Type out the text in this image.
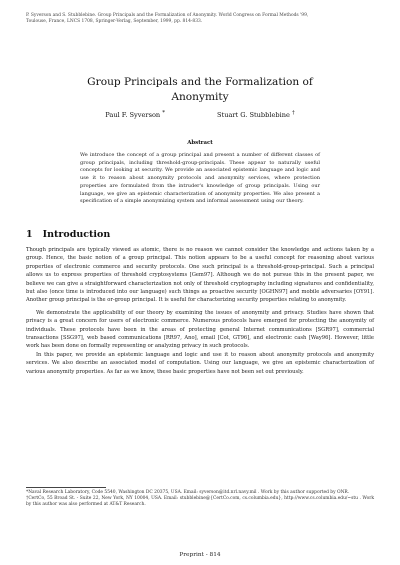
P. Syverson and S. Stubblebine. Group Principals and the Formalization of Anonymity. World Congress on Formal Methods '99, Toulouse, France, LNCS 1708, Springer-Verlag, September, 1999, pp. 814-833.
Group Principals and the Formalization of
Anonymity
Paul F. Syverson *	Stuart G. Stubblebine †
Abstract
We introduce the concept of a group principal and present a number of different classes of group principals, including threshold-group-principals. These appear to naturally useful concepts for looking at security. We provide an associated epistemic language and logic and use it to reason about anonymity protocols and anonymity services, where protection properties are formulated from the intruder's knowledge of group principals. Using our language, we give an epistemic characterization of anonymity properties. We also present a specification of a simple anonymizing system and informal assessment using our theory.
1 Introduction

Though principals are typically viewed as atomic, there is no reason we cannot consider the knowledge and actions taken by a group. Hence, the basic notion of a group principal. This notion appears to be a useful concept for reasoning about various properties of electronic commerce and security protocols. One such principal is a threshold-group-principal. Such a principal allows us to express properties of threshold cryptosystems [Gem97]. Although we do not pursue this in the present paper, we believe we can give a straightforward characterization not only of threshold cryptography including signatures and confidentiality, but also (once time is introduced into our language) such things as proactive security [OGHN97] and mobile adversaries [OY91]. Another group principal is the or-group principal. It is useful for characterizing security properties relating to anonymity.

We demonstrate the applicability of our theory by examining the issues of anonymity and privacy. Studies have shown that privacy is a great concern for users of electronic commerce. Numerous protocols have emerged for protecting the anonymity of individuals. These protocols have been in the areas of protecting general Internet communications [SGR97], commercial transactions [SSG97], web based communications [RR97, Ano], email [Cot, GT96], and electronic cash [Way96]. However, little work has been done on formally representing or analyzing privacy in such protocols.

In this paper, we provide an epistemic language and logic and use it to reason about anonymity protocols and anonymity services. We also describe an associated model of computation. Using our language, we give an epistemic characterization of various anonymity properties. As far as we know, these basic properties have not been set out previously.

*Naval Research Laboratory, Code 5540, Washington DC 20375, USA. Email: syverson@itd.nrl.navy.mil . Work by this author supported by ONR.

†CertCo, 55 Broad St. - Suite 22, New York, NY 10004, USA. Email: stubblebine@{CertCo.com, cs.columbia.edu}, http://www.cs.columbia.edu/~stu . Work by this author was also performed at AT&T Research.

Preprint - 814
